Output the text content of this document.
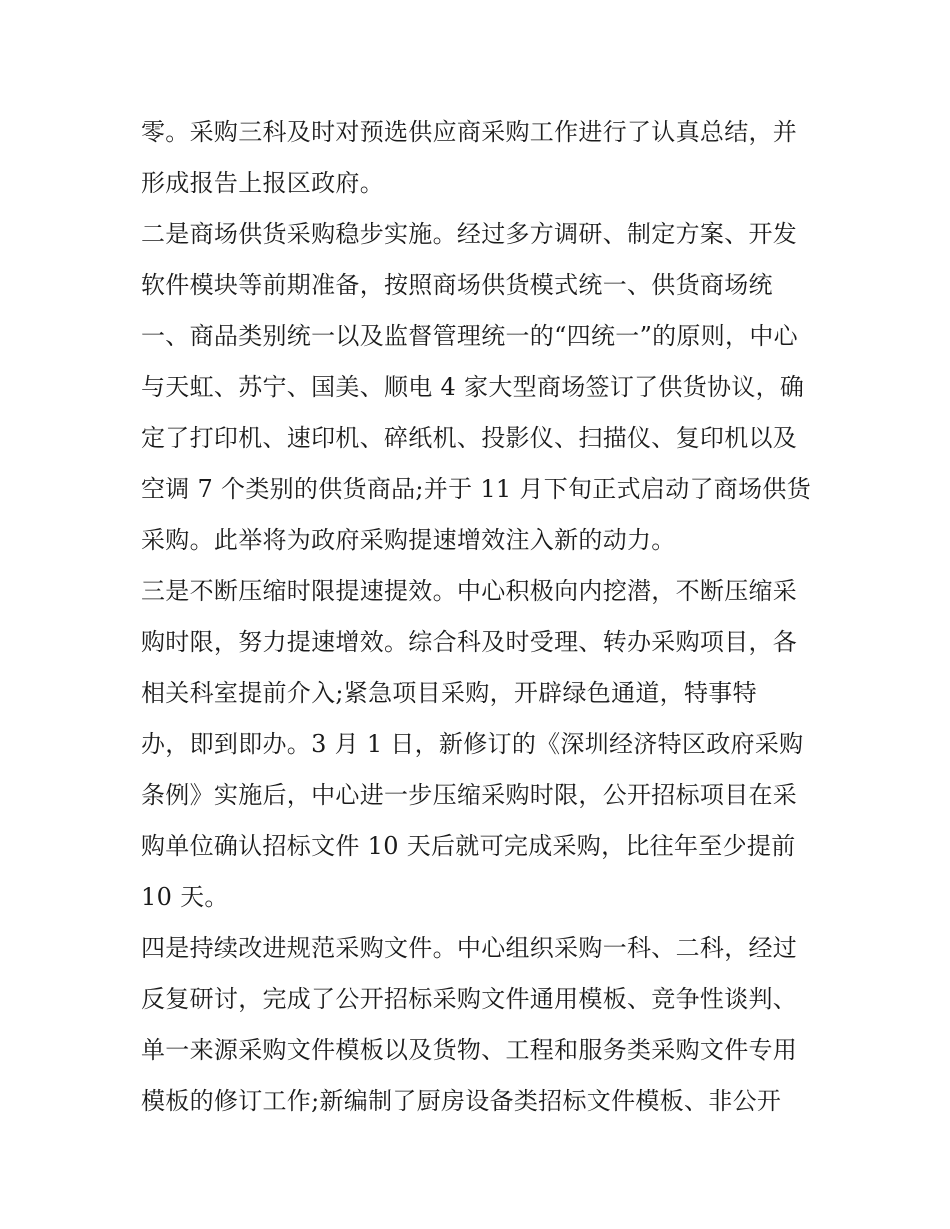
零。采购三科及时对预选供应商采购工作进行了认真总结，并
形成报告上报区政府。
二是商场供货采购稳步实施。经过多方调研、制定方案、开发
软件模块等前期准备，按照商场供货模式统一、供货商场统
一、商品类别统一以及监督管理统一的“四统一”的原则，中心
与天虹、苏宁、国美、顺电 4 家大型商场签订了供货协议，确
定了打印机、速印机、碎纸机、投影仪、扫描仪、复印机以及
空调 7 个类别的供货商品;并于 11 月下旬正式启动了商场供货
采购。此举将为政府采购提速增效注入新的动力。
三是不断压缩时限提速提效。中心积极向内挖潜，不断压缩采
购时限，努力提速增效。综合科及时受理、转办采购项目，各
相关科室提前介入;紧急项目采购，开辟绿色通道，特事特
办，即到即办。3 月 1 日，新修订的《深圳经济特区政府采购
条例》实施后，中心进一步压缩采购时限，公开招标项目在采
购单位确认招标文件 10 天后就可完成采购，比往年至少提前
10 天。
四是持续改进规范采购文件。中心组织采购一科、二科，经过
反复研讨，完成了公开招标采购文件通用模板、竞争性谈判、
单一来源采购文件模板以及货物、工程和服务类采购文件专用
模板的修订工作;新编制了厨房设备类招标文件模板、非公开
